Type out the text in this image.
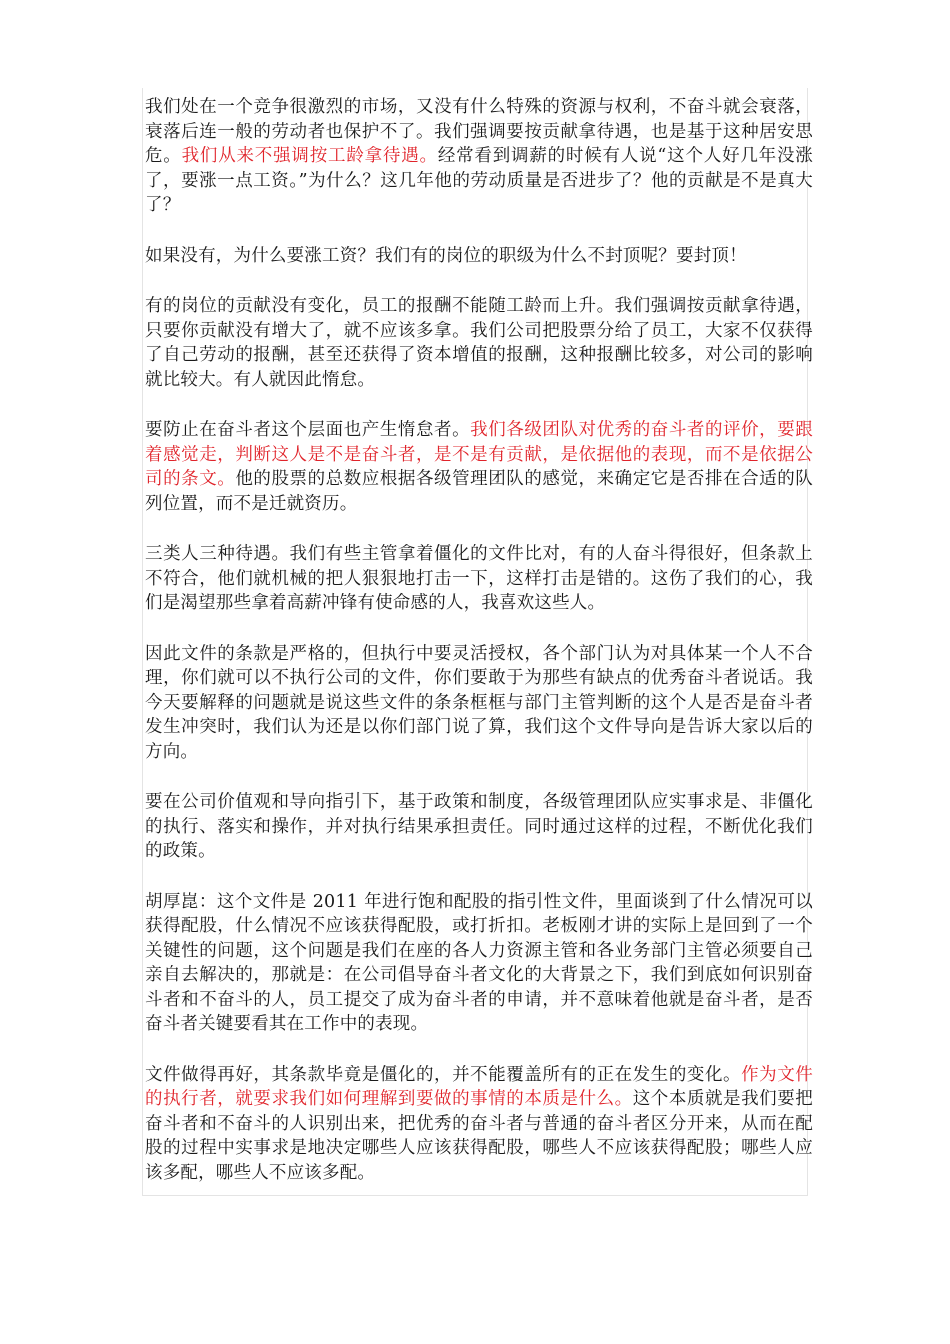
我们处在一个竞争很激烈的市场，又没有什么特殊的资源与权利，不奋斗就会衰落，衰落后连一般的劳动者也保护不了。我们强调要按贡献拿待遇，也是基于这种居安思危。我们从来不强调按工龄拿待遇。经常看到调薪的时候有人说“这个人好几年没涨了，要涨一点工资。”为什么？这几年他的劳动质量是否进步了？他的贡献是不是真大了？

如果没有，为什么要涨工资？我们有的岗位的职级为什么不封顶呢？要封顶！

有的岗位的贡献没有变化，员工的报酬不能随工龄而上升。我们强调按贡献拿待遇，只要你贡献没有增大了，就不应该多拿。我们公司把股票分给了员工，大家不仅获得了自己劳动的报酬，甚至还获得了资本增值的报酬，这种报酬比较多，对公司的影响就比较大。有人就因此惰怠。

要防止在奋斗者这个层面也产生惰怠者。我们各级团队对优秀的奋斗者的评价，要跟着感觉走，判断这人是不是奋斗者，是不是有贡献，是依据他的表现，而不是依据公司的条文。他的股票的总数应根据各级管理团队的感觉，来确定它是否排在合适的队列位置，而不是迁就资历。

三类人三种待遇。我们有些主管拿着僵化的文件比对，有的人奋斗得很好，但条款上不符合，他们就机械的把人狠狠地打击一下，这样打击是错的。这伤了我们的心，我们是渴望那些拿着高薪冲锋有使命感的人，我喜欢这些人。

因此文件的条款是严格的，但执行中要灵活授权，各个部门认为对具体某一个人不合理，你们就可以不执行公司的文件，你们要敢于为那些有缺点的优秀奋斗者说话。我今天要解释的问题就是说这些文件的条条框框与部门主管判断的这个人是否是奋斗者发生冲突时，我们认为还是以你们部门说了算，我们这个文件导向是告诉大家以后的方向。

要在公司价值观和导向指引下，基于政策和制度，各级管理团队应实事求是、非僵化的执行、落实和操作，并对执行结果承担责任。同时通过这样的过程，不断优化我们的政策。

胡厚崑：这个文件是 2011 年进行饱和配股的指引性文件，里面谈到了什么情况可以获得配股，什么情况不应该获得配股，或打折扣。老板刚才讲的实际上是回到了一个关键性的问题，这个问题是我们在座的各人力资源主管和各业务部门主管必须要自己亲自去解决的，那就是：在公司倡导奋斗者文化的大背景之下，我们到底如何识别奋斗者和不奋斗的人，员工提交了成为奋斗者的申请，并不意味着他就是奋斗者，是否奋斗者关键要看其在工作中的表现。

文件做得再好，其条款毕竟是僵化的，并不能覆盖所有的正在发生的变化。作为文件的执行者，就要求我们如何理解到要做的事情的本质是什么。这个本质就是我们要把奋斗者和不奋斗的人识别出来，把优秀的奋斗者与普通的奋斗者区分开来，从而在配股的过程中实事求是地决定哪些人应该获得配股，哪些人不应该获得配股；哪些人应该多配，哪些人不应该多配。
